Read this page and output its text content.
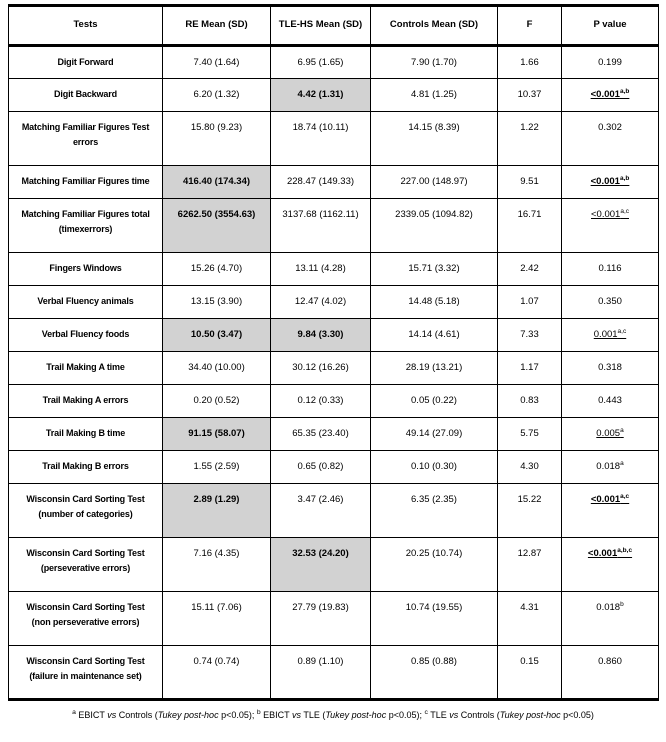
Tests	RE Mean (SD)	TLE-HS Mean (SD)	Controls Mean (SD)	F	P value
Digit Forward	7.40 (1.64)	6.95 (1.65)	7.90 (1.70)	1.66	0.199
Digit Backward	6.20 (1.32)	4.42 (1.31)	4.81 (1.25)	10.37	$<0.001^{a,b}$
Matching Familiar Figures Test
errors	15.80 (9.23)	18.74 (10.11)	14.15 (8.39)	1.22	0.302
Matching Familiar Figures time	416.40 (174.34)	228.47 (149.33)	227.00 (148.97)	9.51	$<0.001^{a,b}$
Matching Familiar Figures total
(timexerrors)	6262.50 (3554.63)	3137.68 (1162.11)	2339.05 (1094.82)	16.71	$<0.001^{a,c}$
Fingers Windows	15.26 (4.70)	13.11 (4.28)	15.71 (3.32)	2.42	0.116
Verbal Fluency animals	13.15 (3.90)	12.47 (4.02)	14.48 (5.18)	1.07	0.350
Verbal Fluency foods	10.50 (3.47)	9.84 (3.30)	14.14 (4.61)	7.33	0.001$^{a,c}$
Trail Making A time	34.40 (10.00)	30.12 (16.26)	28.19 (13.21)	1.17	0.318
Trail Making A errors	0.20 (0.52)	0.12 (0.33)	0.05 (0.22)	0.83	0.443
Trail Making B time	91.15 (58.07)	65.35 (23.40)	49.14 (27.09)	5.75	0.005$^a$
Trail Making B errors	1.55 (2.59)	0.65 (0.82)	0.10 (0.30)	4.30	0.018$^a$
Wisconsin Card Sorting Test
(number of categories)	2.89 (1.29)	3.47 (2.46)	6.35 (2.35)	15.22	$<0.001^{a,c}$
Wisconsin Card Sorting Test
(perseverative errors)	7.16 (4.35)	32.53 (24.20)	20.25 (10.74)	12.87	$<0.001^{a,b,c}$
Wisconsin Card Sorting Test
(non perseverative errors)	15.11 (7.06)	27.79 (19.83)	10.74 (19.55)	4.31	0.018$^b$
Wisconsin Card Sorting Test
(failure in maintenance set)	0.74 (0.74)	0.89 (1.10)	0.85 (0.88)	0.15	0.860
$^a$ EBICT vs Controls (Tukey post-hoc p<0.05); $^b$ EBICT vs TLE (Tukey post-hoc p<0.05); $^c$ TLE vs Controls (Tukey post-hoc p<0.05)
